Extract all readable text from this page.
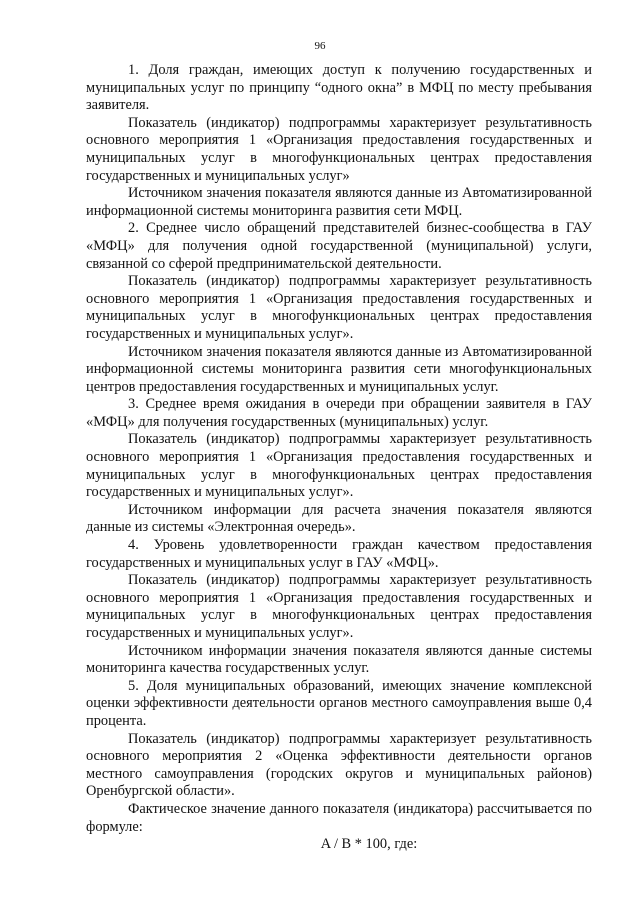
96

1. Доля граждан, имеющих доступ к получению государственных и муниципальных услуг по принципу “одного окна” в МФЦ по месту пребывания заявителя.

Показатель (индикатор) подпрограммы характеризует результативность основного мероприятия 1 «Организация предоставления государственных и муниципальных услуг в многофункциональных центрах предоставления государственных и муниципальных услуг»

Источником значения показателя являются данные из Автоматизированной информационной системы мониторинга развития сети МФЦ.

2. Среднее число обращений представителей бизнес-сообщества в ГАУ «МФЦ» для получения одной государственной (муниципальной) услуги, связанной со сферой предпринимательской деятельности.

Показатель (индикатор) подпрограммы характеризует результативность основного мероприятия 1 «Организация предоставления государственных и муниципальных услуг в многофункциональных центрах предоставления государственных и муниципальных услуг».

Источником значения показателя являются данные из Автоматизированной информационной системы мониторинга развития сети многофункциональных центров предоставления государственных и муниципальных услуг.

3. Среднее время ожидания в очереди при обращении заявителя в ГАУ «МФЦ» для получения государственных (муниципальных) услуг.

Показатель (индикатор) подпрограммы характеризует результативность основного мероприятия 1 «Организация предоставления государственных и муниципальных услуг в многофункциональных центрах предоставления государственных и муниципальных услуг».

Источником информации для расчета значения показателя являются данные из системы «Электронная очередь».

4. Уровень удовлетворенности граждан качеством предоставления государственных и муниципальных услуг в ГАУ «МФЦ».

Показатель (индикатор) подпрограммы характеризует результативность основного мероприятия 1 «Организация предоставления государственных и муниципальных услуг в многофункциональных центрах предоставления государственных и муниципальных услуг».

Источником информации значения показателя являются данные системы мониторинга качества государственных услуг.

5. Доля муниципальных образований, имеющих значение комплексной оценки эффективности деятельности органов местного самоуправления выше 0,4 процента.

Показатель (индикатор) подпрограммы характеризует результативность основного мероприятия 2 «Оценка эффективности деятельности органов местного самоуправления (городских округов и муниципальных районов) Оренбургской области».

Фактическое значение данного показателя (индикатора) рассчитывается по формуле:

A / B * 100, где:
